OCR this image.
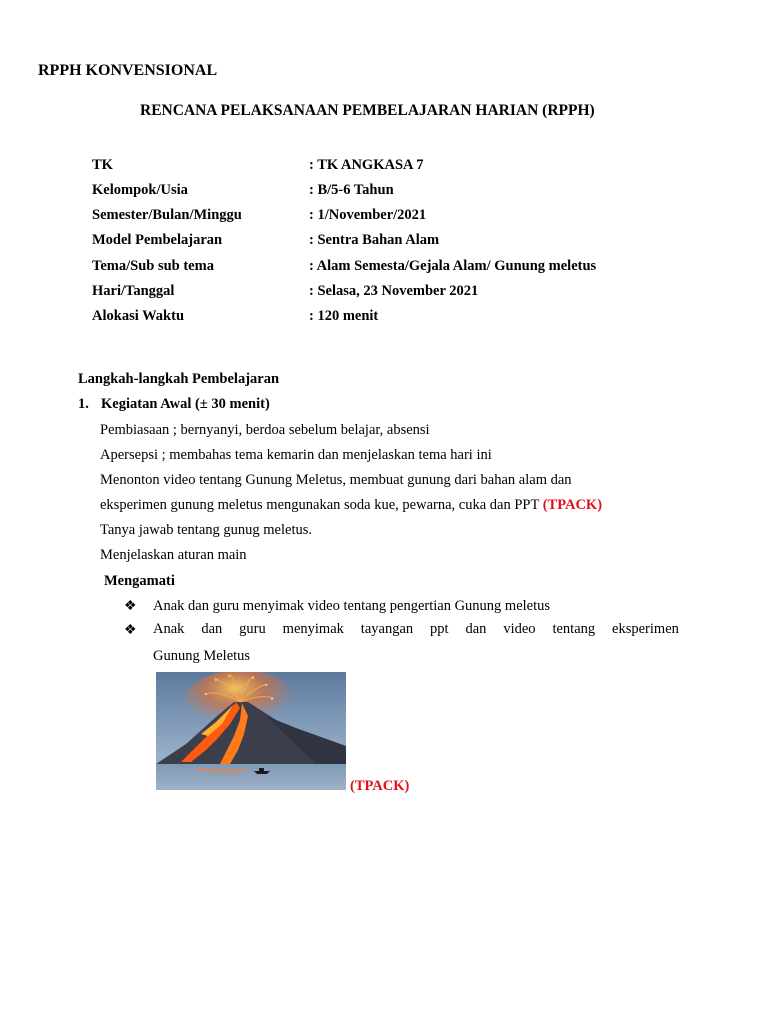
RPPH KONVENSIONAL
RENCANA PELAKSANAAN PEMBELAJARAN HARIAN (RPPH)
TK	: TK ANGKASA 7
Kelompok/Usia	: B/5-6 Tahun
Semester/Bulan/Minggu	: 1/November/2021
Model Pembelajaran	: Sentra Bahan Alam
Tema/Sub sub tema	: Alam Semesta/Gejala Alam/ Gunung meletus
Hari/Tanggal	: Selasa, 23 November 2021
Alokasi Waktu	: 120 menit
Langkah-langkah Pembelajaran
1. Kegiatan Awal (± 30 menit)
Pembiasaan ; bernyanyi, berdoa sebelum belajar, absensi
Apersepsi ; membahas tema kemarin dan menjelaskan tema hari ini
Menonton video tentang Gunung Meletus, membuat gunung dari bahan alam dan
eksperimen gunung meletus mengunakan soda kue, pewarna, cuka dan PPT (TPACK)
Tanya jawab tentang gunug meletus.
Menjelaskan aturan main
Mengamati
❖ Anak dan guru menyimak video tentang pengertian Gunung meletus
❖ Anak dan guru menyimak tayangan ppt dan video tentang eksperimen
Gunung Meletus
(TPACK)
